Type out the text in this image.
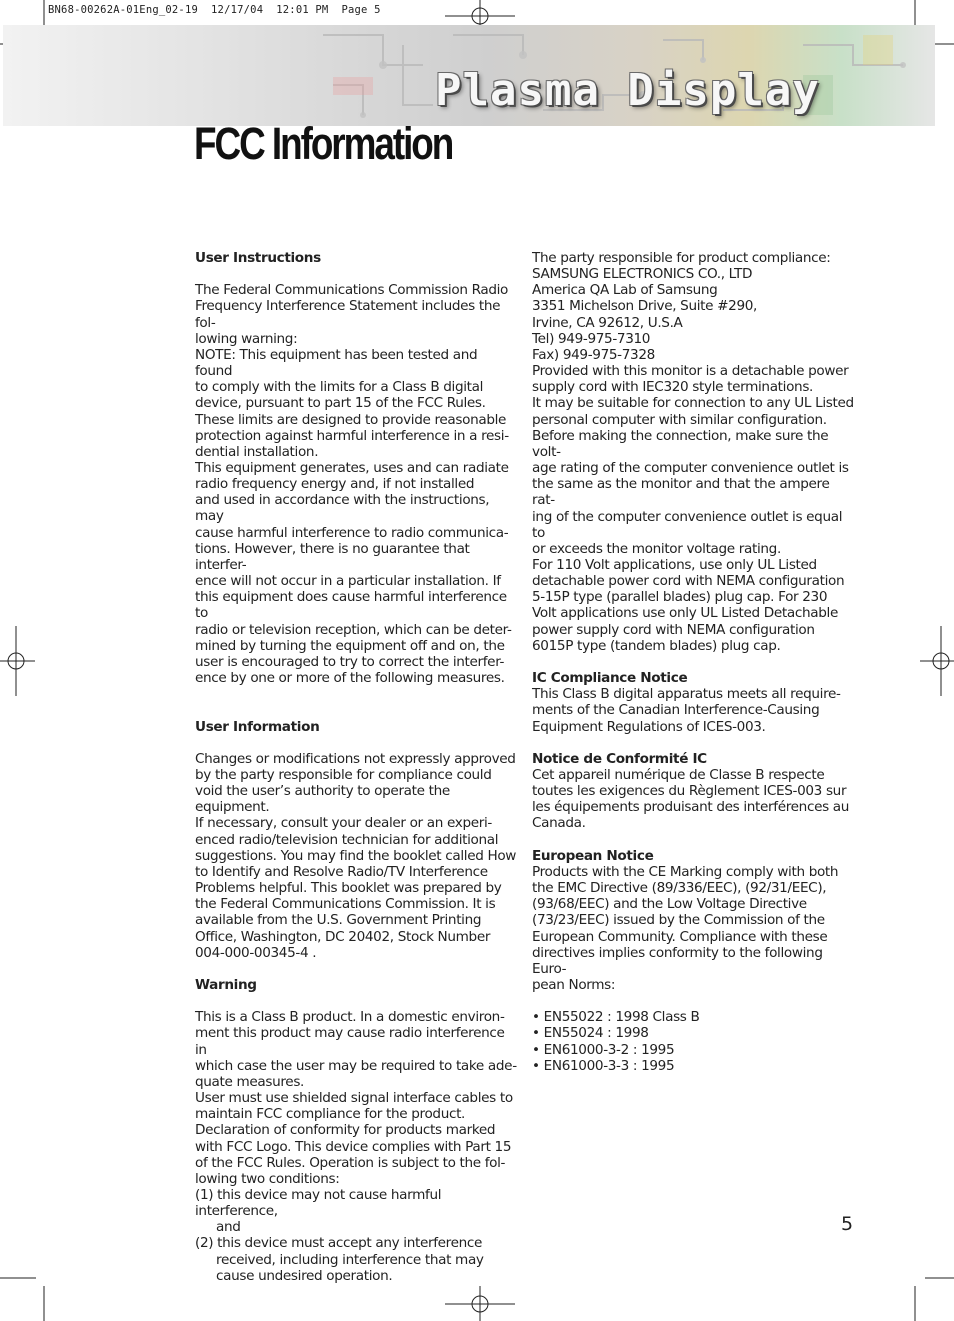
BN68-00262A-01Eng_02-19  12/17/04  12:01 PM  Page 5
Plasma Display
FCC Information

User Instructions

The Federal Communications Commission Radio

Frequency Interference Statement includes the fol-

lowing warning:

NOTE: This equipment has been tested and found

to comply with the limits for a Class B digital

device, pursuant to part 15 of the FCC Rules.

These limits are designed to provide reasonable

protection against harmful interference in a resi-

dential installation.

This equipment generates, uses and can radiate

radio frequency energy and, if not installed

and used in accordance with the instructions, may

cause harmful interference to radio communica-

tions. However, there is no guarantee that interfer-

ence will not occur in a particular installation. If

this equipment does cause harmful interference to

radio or television reception, which can be deter-

mined by turning the equipment off and on, the

user is encouraged to try to correct the interfer-

ence by one or more of the following measures.

User Information

Changes or modifications not expressly approved

by the party responsible for compliance could

void the user’s authority to operate the equipment.

If necessary, consult your dealer or an experi-

enced radio/television technician for additional

suggestions. You may find the booklet called How

to Identify and Resolve Radio/TV Interference

Problems helpful. This booklet was prepared by

the Federal Communications Commission. It is

available from the U.S. Government Printing

Office, Washington, DC 20402, Stock Number

004-000-00345-4 .

Warning

This is a Class B product. In a domestic environ-

ment this product may cause radio interference in

which case the user may be required to take ade-

quate measures.

User must use shielded signal interface cables to

maintain FCC compliance for the product.

Declaration of conformity for products marked

with FCC Logo. This device complies with Part 15

of the FCC Rules. Operation is subject to the fol-

lowing two conditions:

(1) this device may not cause harmful interference,

and

(2) this device must accept any interference

received, including interference that may

cause undesired operation.

The party responsible for product compliance:

SAMSUNG ELECTRONICS CO., LTD

America QA Lab of Samsung

3351 Michelson Drive, Suite #290,

Irvine, CA 92612, U.S.A

Tel) 949-975-7310

Fax) 949-975-7328

Provided with this monitor is a detachable power

supply cord with IEC320 style terminations.

It may be suitable for connection to any UL Listed

personal computer with similar configuration.

Before making the connection, make sure the volt-

age rating of the computer convenience outlet is

the same as the monitor and that the ampere rat-

ing of the computer convenience outlet is equal to

or exceeds the monitor voltage rating.

For 110 Volt applications, use only UL Listed

detachable power cord with NEMA configuration

5-15P type (parallel blades) plug cap. For 230

Volt applications use only UL Listed Detachable

power supply cord with NEMA configuration

6015P type (tandem blades) plug cap.

IC Compliance Notice

This Class B digital apparatus meets all require-

ments of the Canadian Interference-Causing

Equipment Regulations of ICES-003.

Notice de Conformité IC

Cet appareil numérique de Classe B respecte

toutes les exigences du Règlement ICES-003 sur

les équipements produisant des interférences au

Canada.

European Notice

Products with the CE Marking comply with both

the EMC Directive (89/336/EEC), (92/31/EEC),

(93/68/EEC) and the Low Voltage Directive

(73/23/EEC) issued by the Commission of the

European Community. Compliance with these

directives implies conformity to the following Euro-

pean Norms:

• EN55022 : 1998 Class B

• EN55024 : 1998

• EN61000-3-2 : 1995

• EN61000-3-3 : 1995

5
